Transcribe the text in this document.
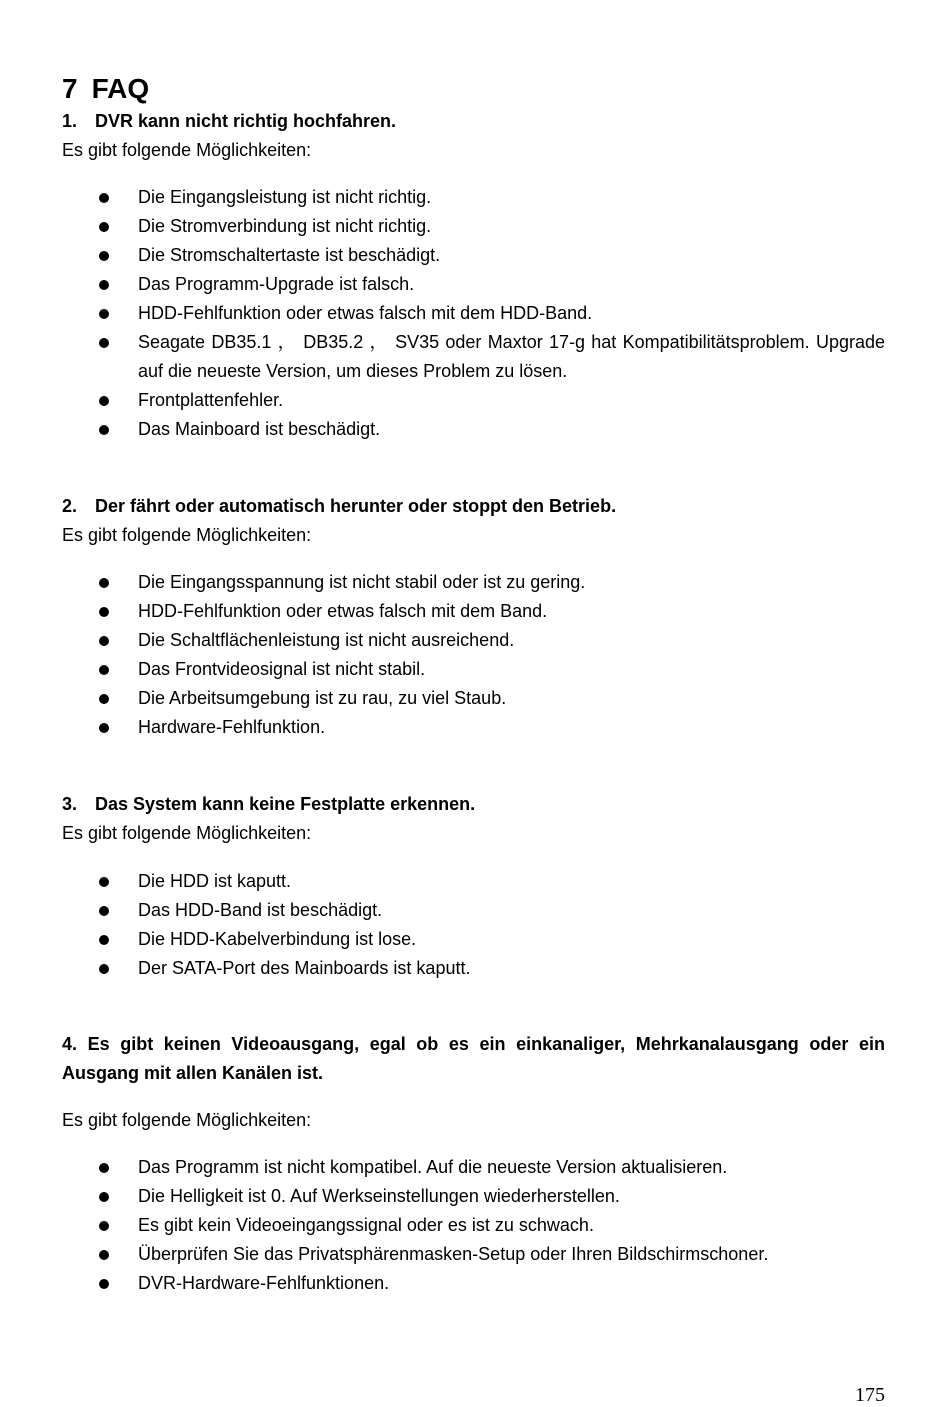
7 FAQ

1. DVR kann nicht richtig hochfahren.

Es gibt folgende Möglichkeiten:

Die Eingangsleistung ist nicht richtig.
Die Stromverbindung ist nicht richtig.
Die Stromschaltertaste ist beschädigt.
Das Programm-Upgrade ist falsch.
HDD-Fehlfunktion oder etwas falsch mit dem HDD-Band.
Seagate DB35.1 ， DB35.2 ， SV35 oder Maxtor 17-g hat Kompatibilitätsproblem. Upgrade auf die neueste Version, um dieses Problem zu lösen.
Frontplattenfehler.
Das Mainboard ist beschädigt.

2. Der fährt oder automatisch herunter oder stoppt den Betrieb.

Es gibt folgende Möglichkeiten:

Die Eingangsspannung ist nicht stabil oder ist zu gering.
HDD-Fehlfunktion oder etwas falsch mit dem Band.
Die Schaltflächenleistung ist nicht ausreichend.
Das Frontvideosignal ist nicht stabil.
Die Arbeitsumgebung ist zu rau, zu viel Staub.
Hardware-Fehlfunktion.

3. Das System kann keine Festplatte erkennen.

Es gibt folgende Möglichkeiten:

Die HDD ist kaputt.
Das HDD-Band ist beschädigt.
Die HDD-Kabelverbindung ist lose.
Der SATA-Port des Mainboards ist kaputt.

4. Es gibt keinen Videoausgang, egal ob es ein einkanaliger, Mehrkanalausgang oder ein Ausgang mit allen Kanälen ist.

Es gibt folgende Möglichkeiten:

Das Programm ist nicht kompatibel. Auf die neueste Version aktualisieren.
Die Helligkeit ist 0. Auf Werkseinstellungen wiederherstellen.
Es gibt kein Videoeingangssignal oder es ist zu schwach.
Überprüfen Sie das Privatsphärenmasken-Setup oder Ihren Bildschirmschoner.
DVR-Hardware-Fehlfunktionen.
175
